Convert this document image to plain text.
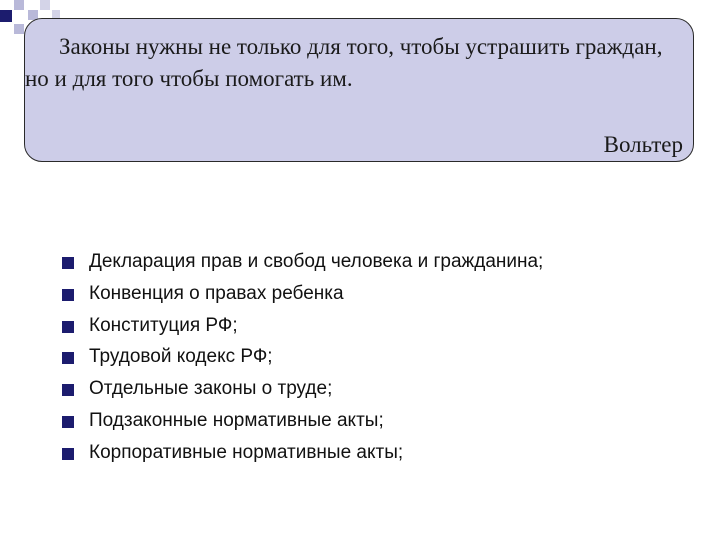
Законы нужны не только для того, чтобы устрашить граждан, но и для того чтобы помогать им.
Вольтер
Декларация прав и свобод человека и гражданина;
Конвенция о правах ребенка
Конституция РФ;
Трудовой кодекс РФ;
Отдельные законы о труде;
Подзаконные нормативные акты;
Корпоративные нормативные акты;
